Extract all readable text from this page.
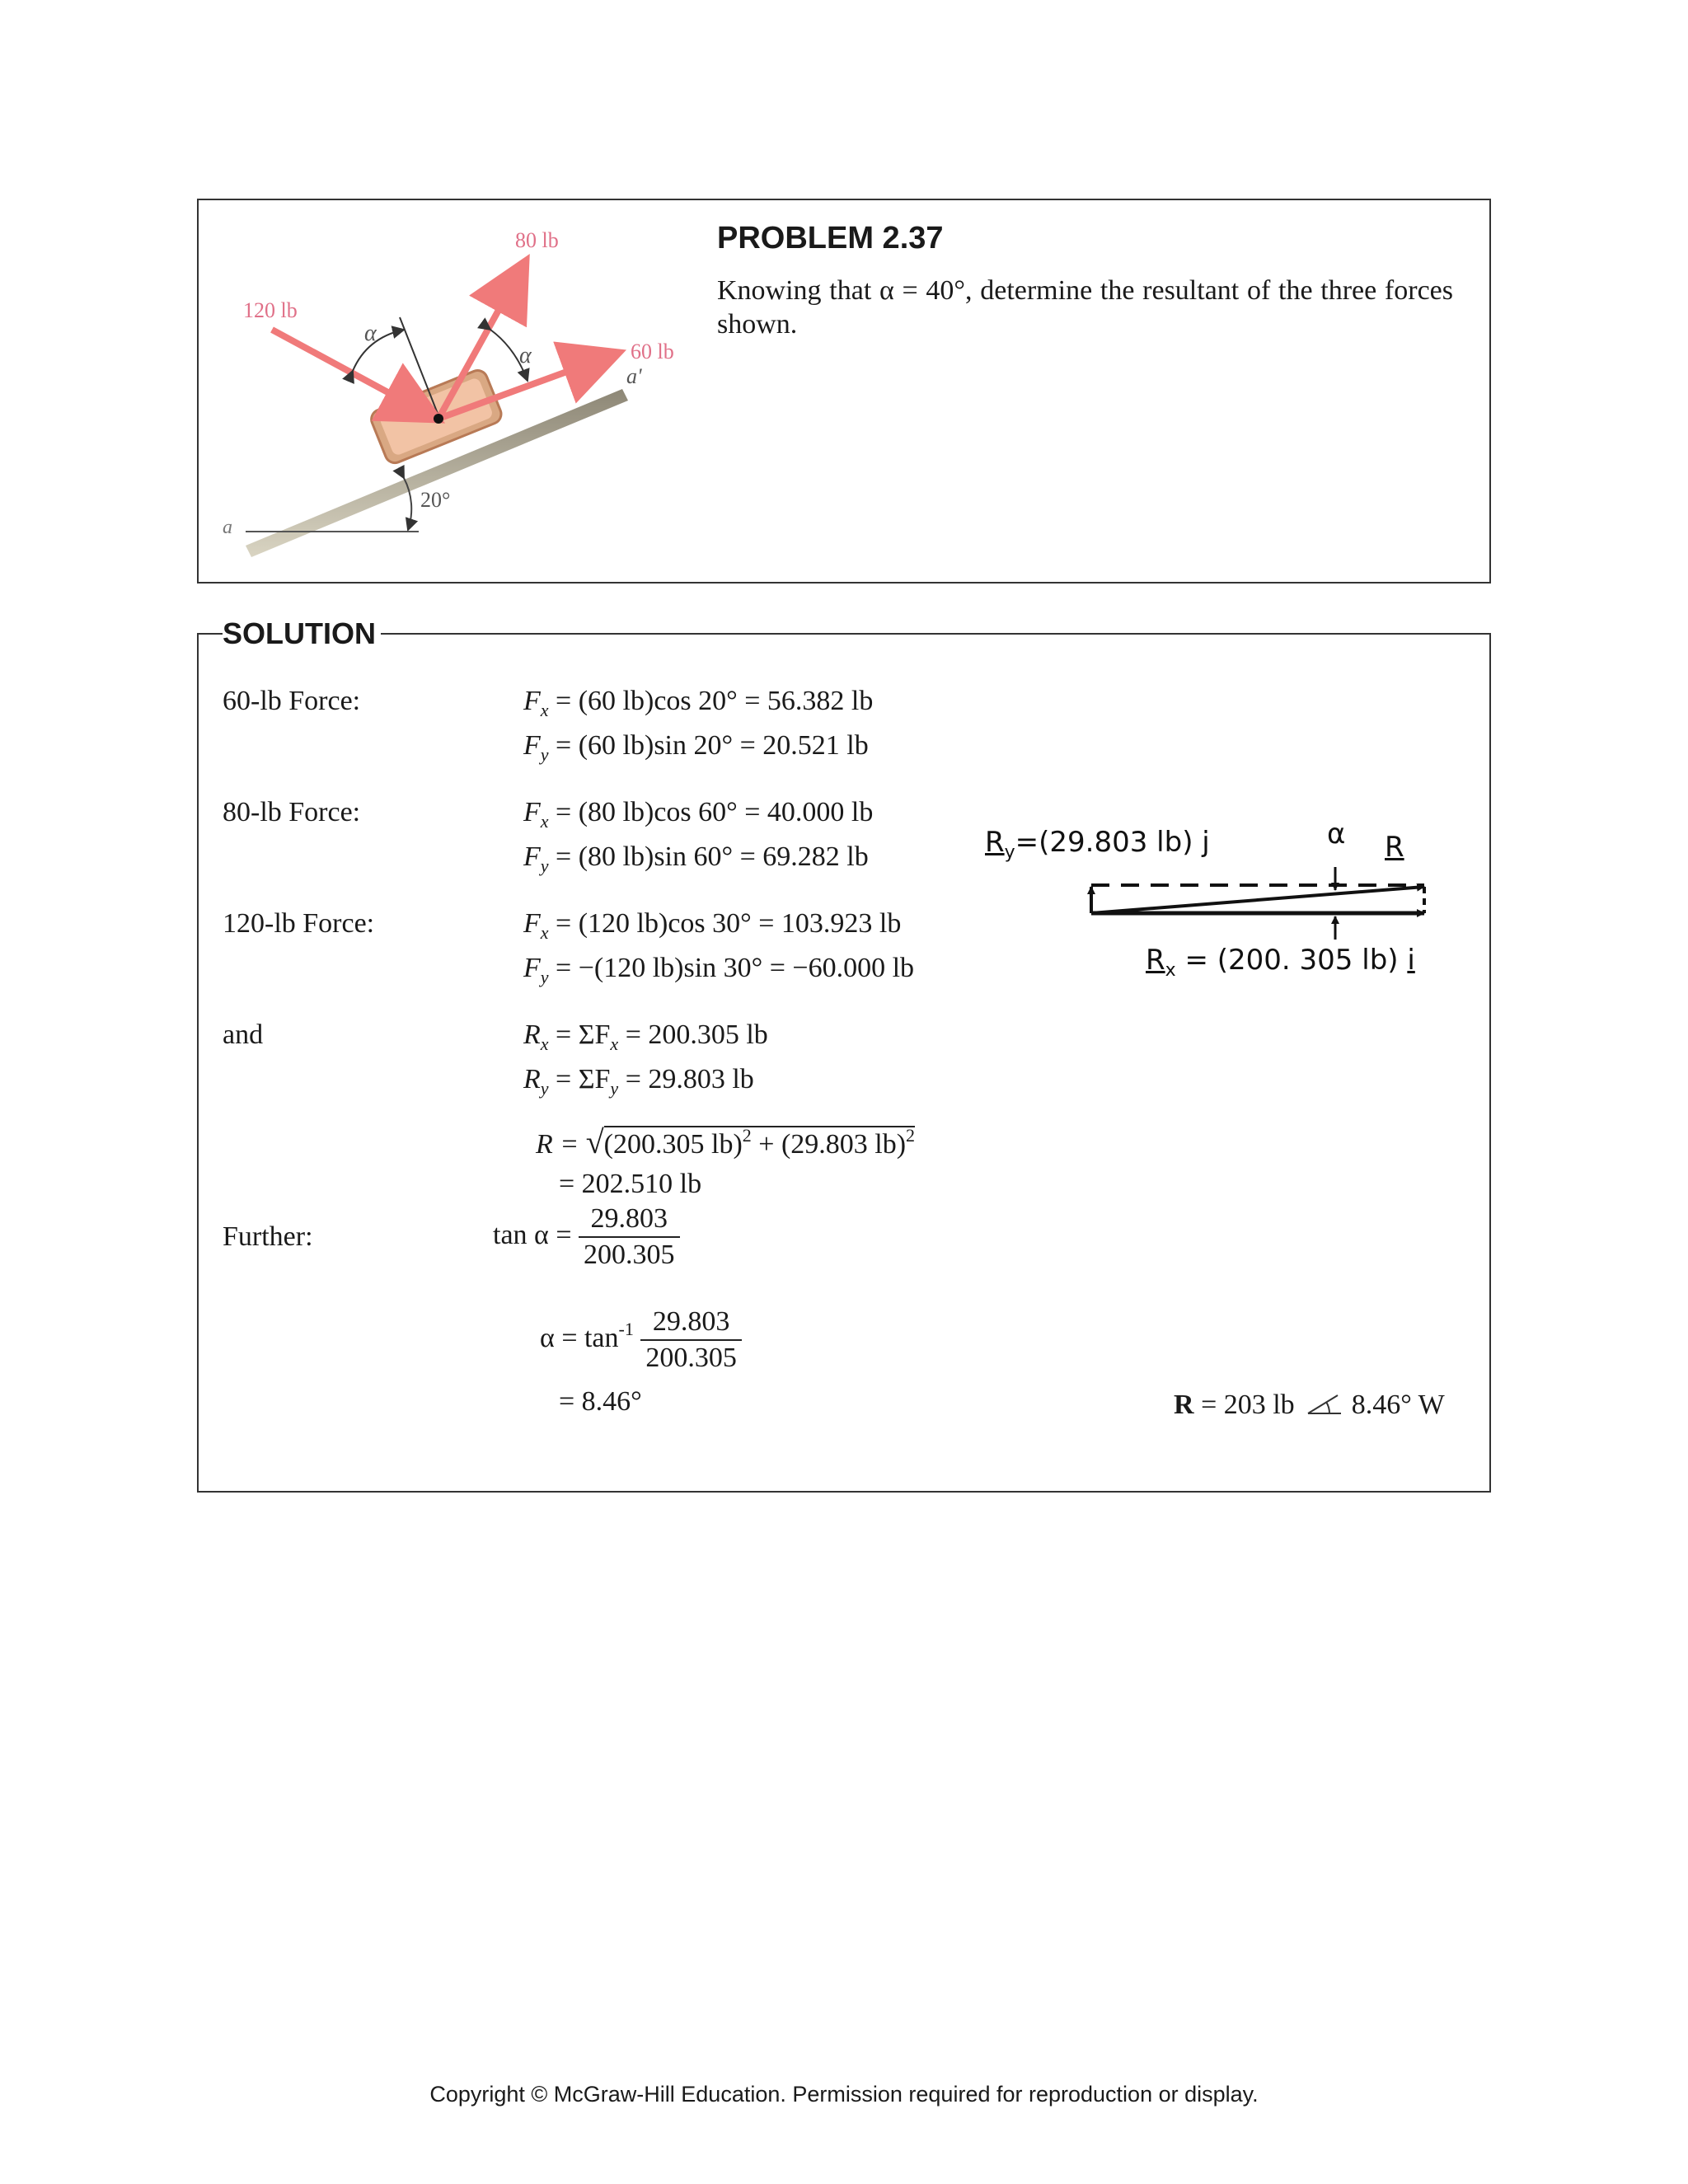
120 lb
80 lb
60 lb
α
α
a'
20°
a
PROBLEM 2.37
Knowing that α = 40°, determine the resultant of the three forces shown.
SOLUTION
60-lb Force:
80-lb Force:
120-lb Force:
and
Further:
$F_x = (60$ lb)cos 20° = 56.382 lb
$F_y = (60$ lb)sin 20° = 20.521 lb
$F_x = (80$ lb)cos 60° = 40.000 lb
$F_y = (80$ lb)sin 60° = 69.282 lb
$F_x = (120$ lb)cos 30° = 103.923 lb
$F_y = -(120$ lb)sin 30° = −60.000 lb
$R_x = \Sigma F_x = 200.305$ lb
$R_y = \Sigma F_y = 29.803$ lb
R = √(200.305 lb)$^2$ + (29.803 lb)$^2$
= 202.510 lb
$\tan \alpha = \frac{29.803}{200.305}$
$\alpha = \tan^{-1} \frac{29.803}{200.305}$
= 8.46°	R = 203 lb  8.46° W
$R_y=(29.803$ lb) j	α R
$R_x = (200$. 305 lb) i
Copyright © McGraw-Hill Education. Permission required for reproduction or display.
